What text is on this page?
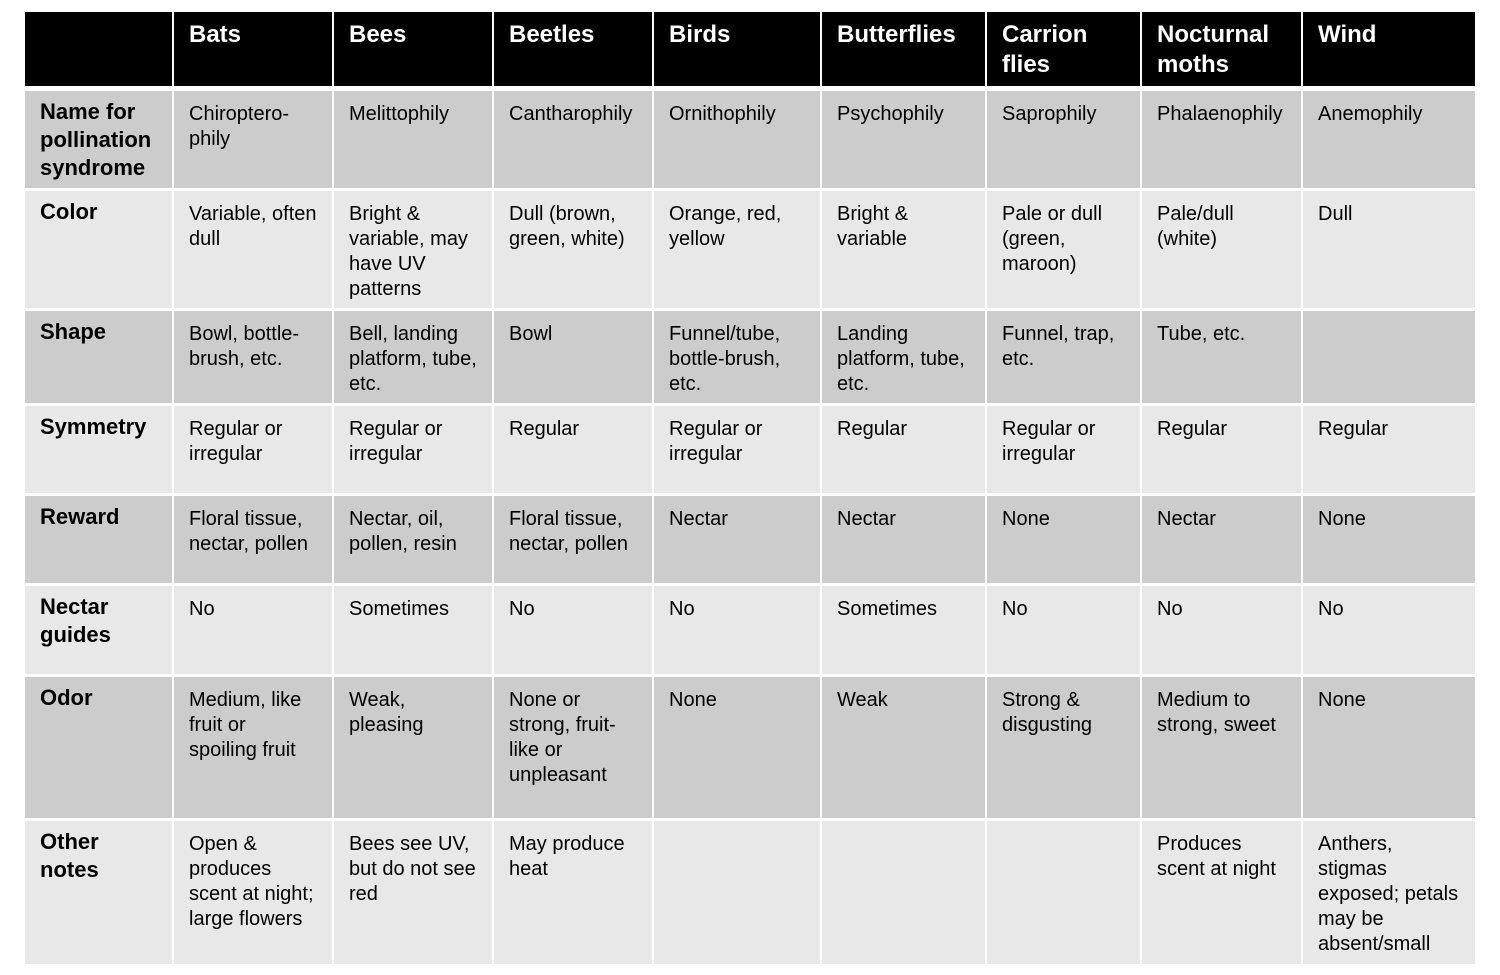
	Bats	Bees	Beetles	Birds	Butterflies	Carrion flies	Nocturnal moths	Wind
Name for pollination syndrome	Chiroptero-phily	Melittophily	Cantharophily	Ornithophily	Psychophily	Saprophily	Phalaenophily	Anemophily
Color	Variable, often dull	Bright & variable, may have UV patterns	Dull (brown, green, white)	Orange, red, yellow	Bright & variable	Pale or dull (green, maroon)	Pale/dull (white)	Dull
Shape	Bowl, bottle-brush, etc.	Bell, landing platform, tube, etc.	Bowl	Funnel/tube, bottle-brush, etc.	Landing platform, tube, etc.	Funnel, trap, etc.	Tube, etc.	
Symmetry	Regular or irregular	Regular or irregular	Regular	Regular or irregular	Regular	Regular or irregular	Regular	Regular
Reward	Floral tissue, nectar, pollen	Nectar, oil, pollen, resin	Floral tissue, nectar, pollen	Nectar	Nectar	None	Nectar	None
Nectar guides	No	Sometimes	No	No	Sometimes	No	No	No
Odor	Medium, like fruit or spoiling fruit	Weak, pleasing	None or strong, fruit-like or unpleasant	None	Weak	Strong & disgusting	Medium to strong, sweet	None
Other notes	Open & produces scent at night; large flowers	Bees see UV, but do not see red	May produce heat				Produces scent at night	Anthers, stigmas exposed; petals may be absent/small
